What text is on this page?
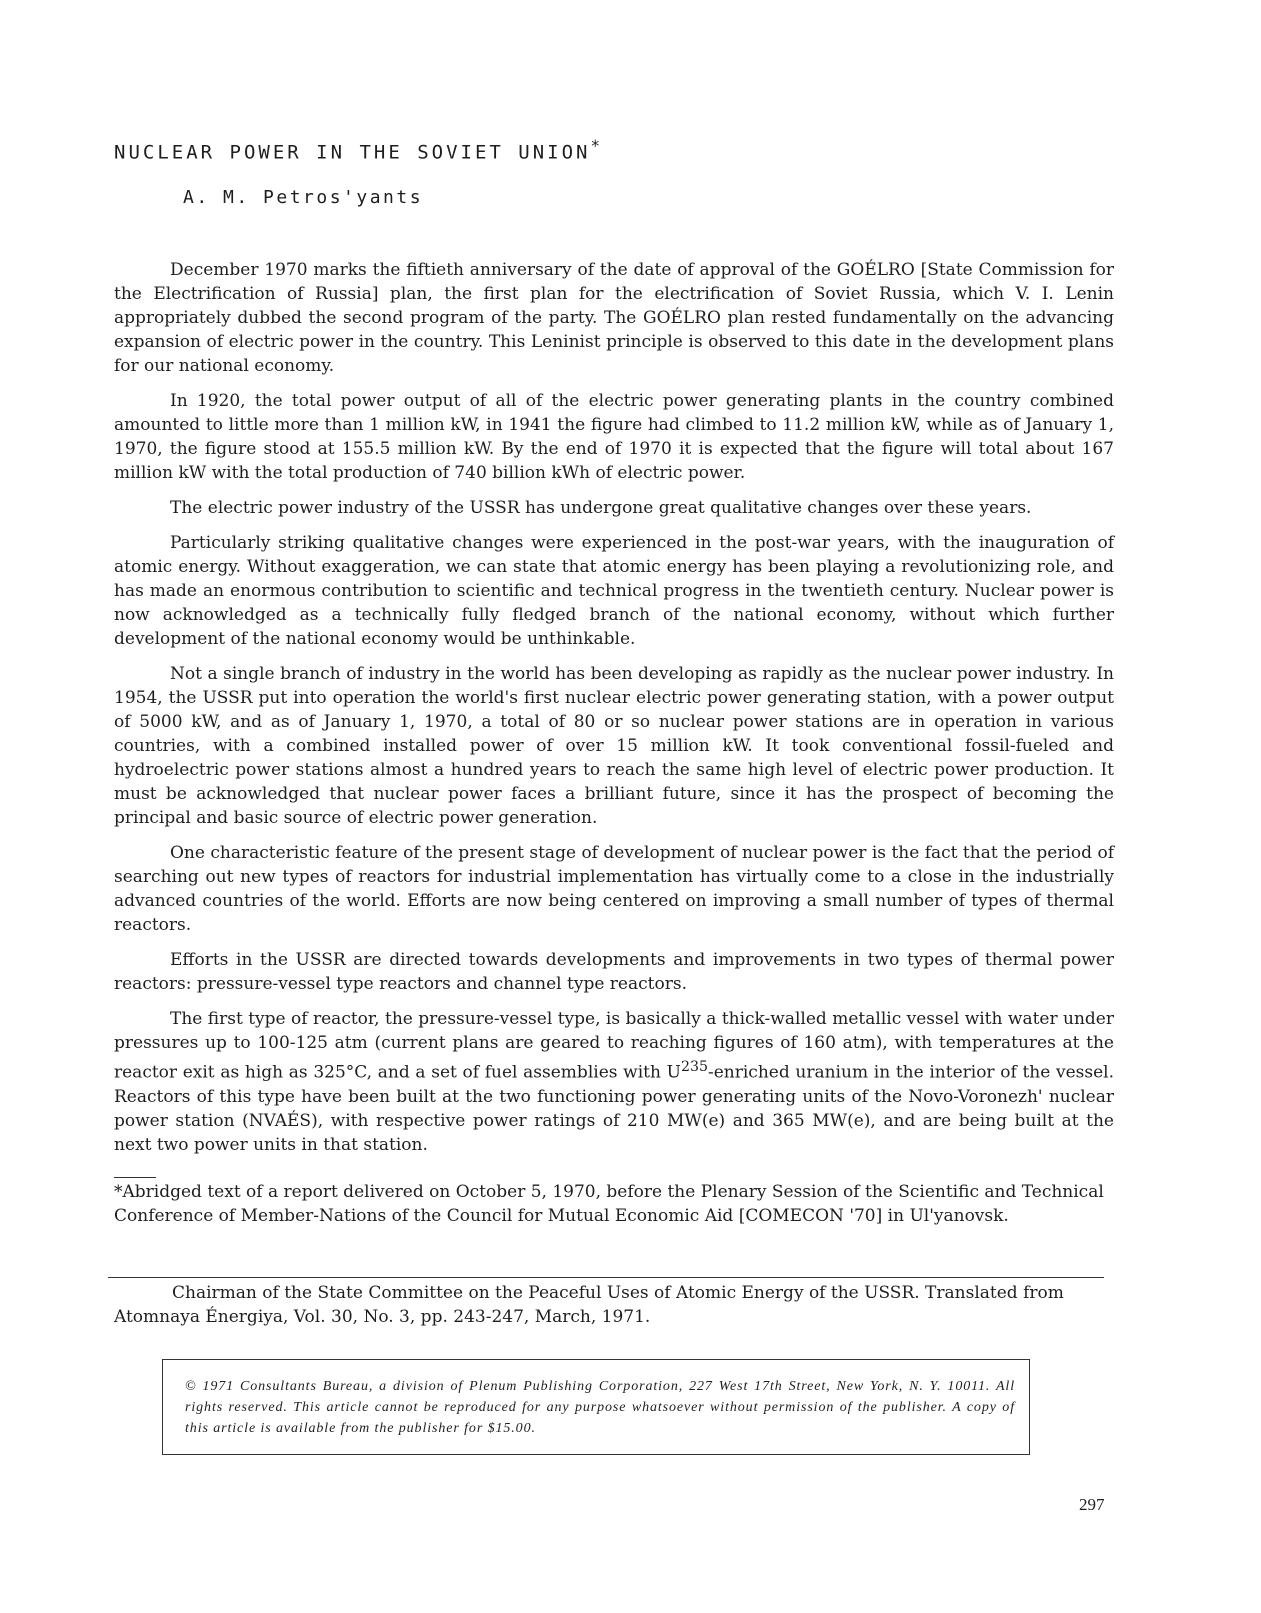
NUCLEAR POWER IN THE SOVIET UNION*
A. M. Petros'yants

December 1970 marks the fiftieth anniversary of the date of approval of the GOÉLRO [State Commission for the Electrification of Russia] plan, the first plan for the electrification of Soviet Russia, which V. I. Lenin appropriately dubbed the second program of the party. The GOÉLRO plan rested fundamentally on the advancing expansion of electric power in the country. This Leninist principle is observed to this date in the development plans for our national economy.

In 1920, the total power output of all of the electric power generating plants in the country combined amounted to little more than 1 million kW, in 1941 the figure had climbed to 11.2 million kW, while as of January 1, 1970, the figure stood at 155.5 million kW. By the end of 1970 it is expected that the figure will total about 167 million kW with the total production of 740 billion kWh of electric power.

The electric power industry of the USSR has undergone great qualitative changes over these years.

Particularly striking qualitative changes were experienced in the post-war years, with the inauguration of atomic energy. Without exaggeration, we can state that atomic energy has been playing a revolutionizing role, and has made an enormous contribution to scientific and technical progress in the twentieth century. Nuclear power is now acknowledged as a technically fully fledged branch of the national economy, without which further development of the national economy would be unthinkable.

Not a single branch of industry in the world has been developing as rapidly as the nuclear power industry. In 1954, the USSR put into operation the world's first nuclear electric power generating station, with a power output of 5000 kW, and as of January 1, 1970, a total of 80 or so nuclear power stations are in operation in various countries, with a combined installed power of over 15 million kW. It took conventional fossil-fueled and hydroelectric power stations almost a hundred years to reach the same high level of electric power production. It must be acknowledged that nuclear power faces a brilliant future, since it has the prospect of becoming the principal and basic source of electric power generation.

One characteristic feature of the present stage of development of nuclear power is the fact that the period of searching out new types of reactors for industrial implementation has virtually come to a close in the industrially advanced countries of the world. Efforts are now being centered on improving a small number of types of thermal reactors.

Efforts in the USSR are directed towards developments and improvements in two types of thermal power reactors: pressure-vessel type reactors and channel type reactors.

The first type of reactor, the pressure-vessel type, is basically a thick-walled metallic vessel with water under pressures up to 100-125 atm (current plans are geared to reaching figures of 160 atm), with temperatures at the reactor exit as high as 325°C, and a set of fuel assemblies with $U^{235}$-enriched uranium in the interior of the vessel. Reactors of this type have been built at the two functioning power generating units of the Novo-Voronezh' nuclear power station (NVAÉS), with respective power ratings of 210 MW(e) and 365 MW(e), and are being built at the next two power units in that station.

*Abridged text of a report delivered on October 5, 1970, before the Plenary Session of the Scientific and Technical Conference of Member-Nations of the Council for Mutual Economic Aid [COMECON '70] in Ul'yanovsk.
Chairman of the State Committee on the Peaceful Uses of Atomic Energy of the USSR. Translated from Atomnaya Énergiya, Vol. 30, No. 3, pp. 243-247, March, 1971.
© 1971 Consultants Bureau, a division of Plenum Publishing Corporation, 227 West 17th Street, New York, N. Y. 10011. All rights reserved. This article cannot be reproduced for any purpose whatsoever without permission of the publisher. A copy of this article is available from the publisher for $15.00.
297
